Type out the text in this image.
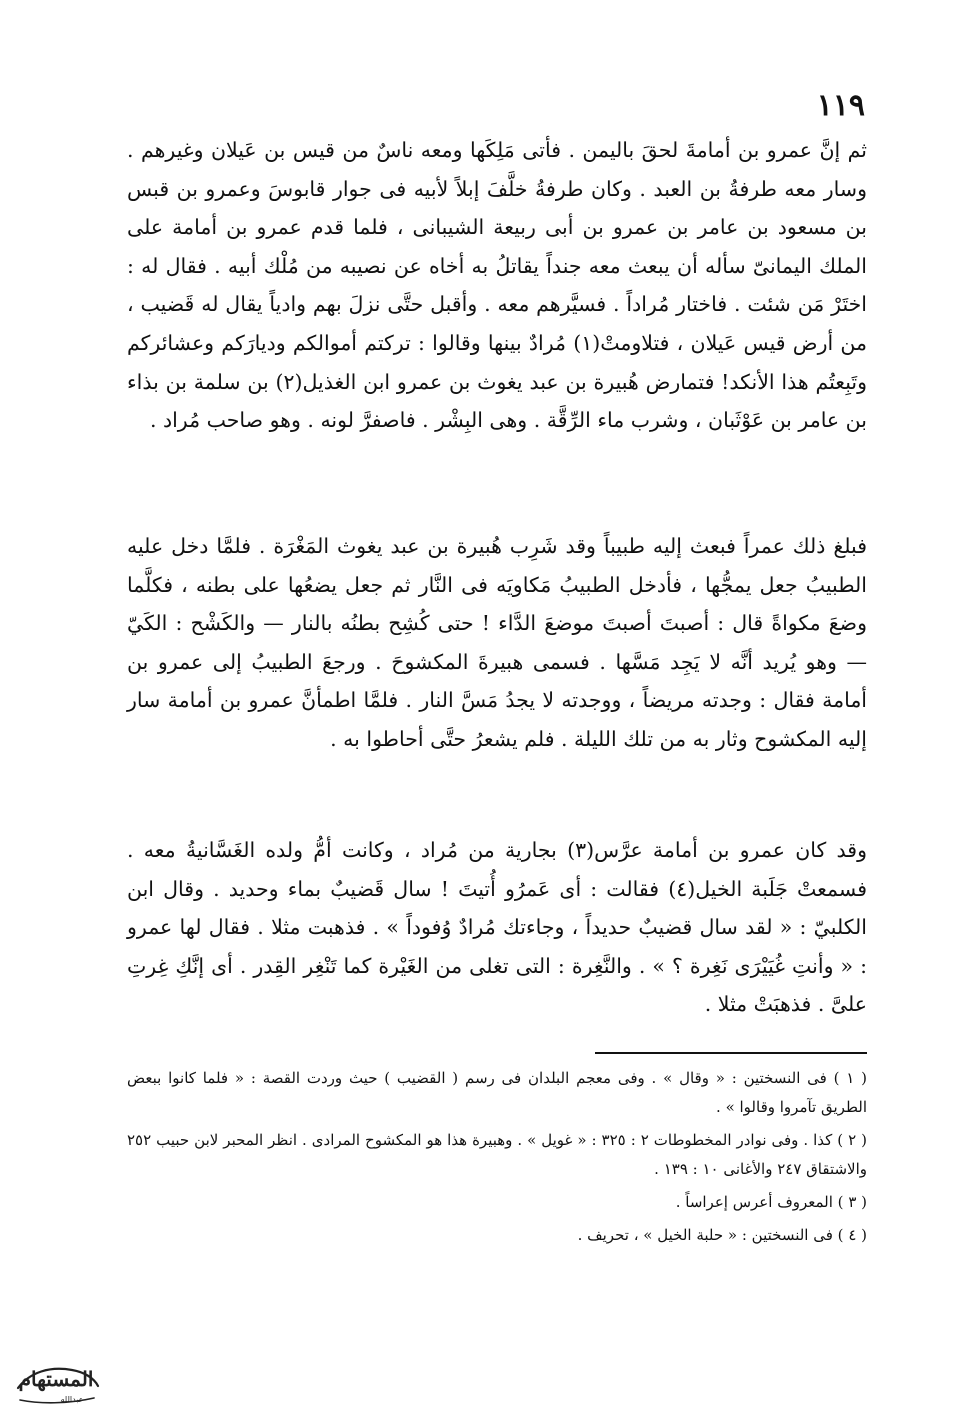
١١٩

ثم إنَّ عمرو بن أمامةَ لحقَ باليمن . فأتى مَلِكَها ومعه ناسٌ من قيس بن عَيلان وغيرهم . وسار معه طرفةُ بن العبد . وكان طرفةُ خلَّفَ إبلاً لأبيه فى جوار قابوسَ وعمرو بن قبس بن مسعود بن عامر بن عمرو بن أبى ربيعة الشيبانى ، فلما قدم عمرو بن أمامة على الملك اليمانىّ سأله أن يبعث معه جنداً يقاتلُ به أخاه عن نصيبه من مُلْك أبيه . فقال له : اختَرْ مَن شئت . فاختار مُراداً . فسيَّرهم معه . وأقبل حتَّى نزلَ بهم وادياً يقال له قَضيب ، من أرض قيس عَيلان ، فتلاومتْ(١) مُرادٌ بينها وقالوا : تركتم أموالكم وديارَكم وعشائركم وتَبِعتُم هذا الأنكد! فتمارض هُبيرة بن عبد يغوث بن عمرو ابن الغذيل(٢) بن سلمة بن بذاء بن عامر بن عَوْثَبان ، وشرب ماء الرِّقَّة . وهى البِشْر . فاصفرَّ لونه . وهو صاحب مُراد .

فبلغ ذلك عمراً فبعث إليه طبيباً وقد شَرِب هُبيرة بن عبد يغوث المَغْرَة . فلمَّا دخل عليه الطبيبُ جعل يمجُّها ، فأدخل الطبيبُ مَكاويَه فى النَّار ثم جعل يضعُها على بطنه ، فكلَّما وضعَ مكواةً قال : أصبتَ أصبتَ موضعَ الدَّاء ! حتى كُشِح بطنُه بالنار — والكَشْح : الكَيّ — وهو يُريد أنَّه لا يَجِد مَسَّها . فسمى هبيرةَ المكشوحَ . ورجعَ الطبيبُ إلى عمرو بن أمامة فقال : وجدته مريضاً ، ووجدته لا يجدُ مَسَّ النار . فلمَّا اطمأنَّ عمرو بن أمامة سار إليه المكشوح وثار به من تلك الليلة . فلم يشعرُ حتَّى أحاطوا به .

وقد كان عمرو بن أمامة عرَّس(٣) بجارية من مُراد ، وكانت أمُّ ولده الغَسَّانيةُ معه . فسمعتْ جَلَبة الخيل(٤) فقالت : أى عَمرُو أُتيتَ ! سال قَضيبٌ بماء وحديد . وقال ابن الكلبيّ : « لقد سال قضيبٌ حديداً ، وجاءتك مُرادٌ وُفوداً » . فذهبت مثلا . فقال لها عمرو : « وأنتِ غُيَيْرَى نَغِرة ؟ » . والنَّغِرة : التى تغلى من الغَيْرة كما تَنْغِر القِدر . أى إنَّكِ غِرتِ علىَّ . فذهبَتْ مثلا .

( ١ ) فى النسختين : « وقال » . وفى معجم البلدان فى رسم ( القضيب ) حيث وردت القصة : « فلما كانوا ببعض الطريق تآمروا وقالوا » .

( ٢ ) كذا . وفى نوادر المخطوطات ٢ : ٣٢٥ : « غويل » . وهبيرة هذا هو المكشوح المرادى . انظر المحبر لابن حبيب ٢٥٢ والاشتقاق ٢٤٧ والأغانى ١٠ : ١٣٩ .

( ٣ ) المعروف أعرس إعراساً .

( ٤ ) فى النسختين : « حلبة الخيل » ، تحريف .

المستهام
عبدالله
